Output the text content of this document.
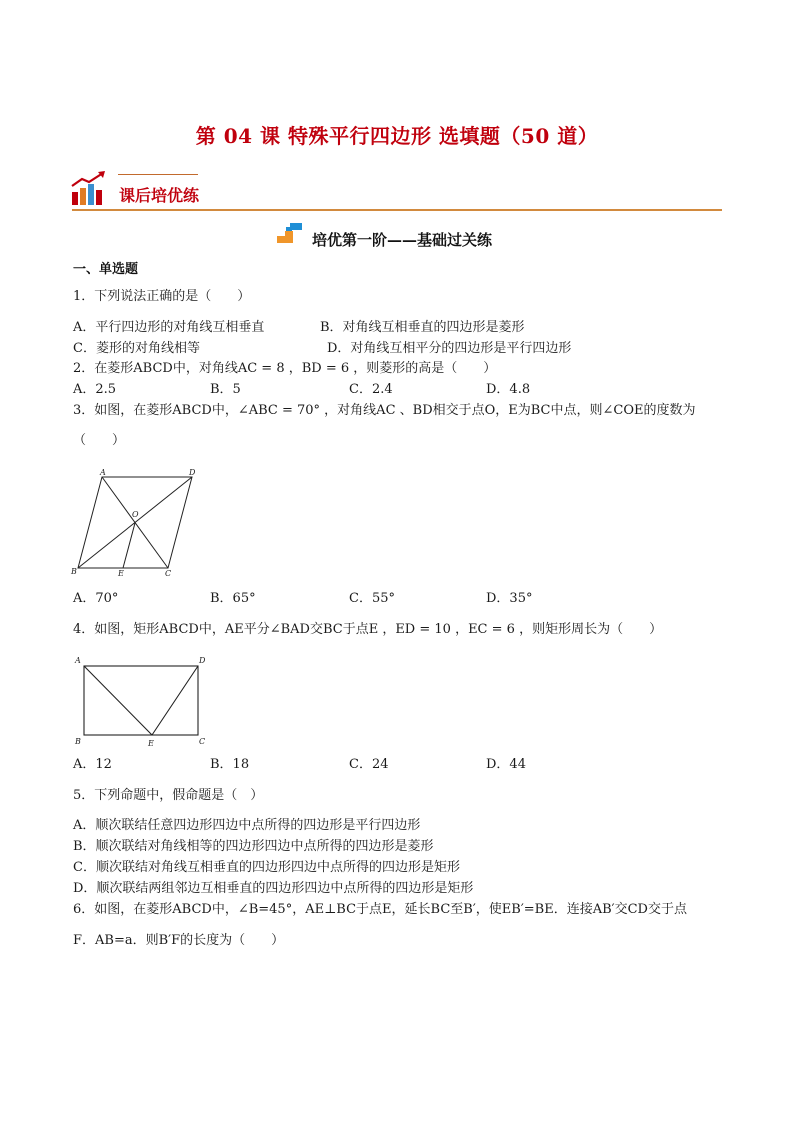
第 04 课 特殊平行四边形 选填题（50 道）
课后培优练
培优第一阶——基础过关练
一、单选题
1．下列说法正确的是（　　）
A．平行四边形的对角线互相垂直	B．对角线互相垂直的四边形是菱形
C．菱形的对角线相等	D．对角线互相平分的四边形是平行四边形
2．在菱形ABCD中，对角线AC = 8 ，BD = 6 ，则菱形的高是（　　）
A．2.5	B．5	C．2.4	D．4.8
3．如图，在菱形ABCD中，∠ABC = 70° ，对角线AC 、BD相交于点O，E为BC中点，则∠COE的度数为
（　　）
A	D
O
B	E	C
A．70°	B．65°	C．55°	D．35°
4．如图，矩形ABCD中，AE平分∠BAD交BC于点E ，ED = 10 ，EC = 6 ，则矩形周长为（　　）
A	D
B	E	C
A．12	B．18	C．24	D．44
5．下列命题中，假命题是（　）
A．顺次联结任意四边形四边中点所得的四边形是平行四边形
B．顺次联结对角线相等的四边形四边中点所得的四边形是菱形
C．顺次联结对角线互相垂直的四边形四边中点所得的四边形是矩形
D．顺次联结两组邻边互相垂直的四边形四边中点所得的四边形是矩形
6．如图，在菱形ABCD中，∠B=45°，AE⊥BC于点E，延长BC至B′，使EB′=BE．连接AB′交CD交于点
F．AB=a．则B′F的长度为（　　）
